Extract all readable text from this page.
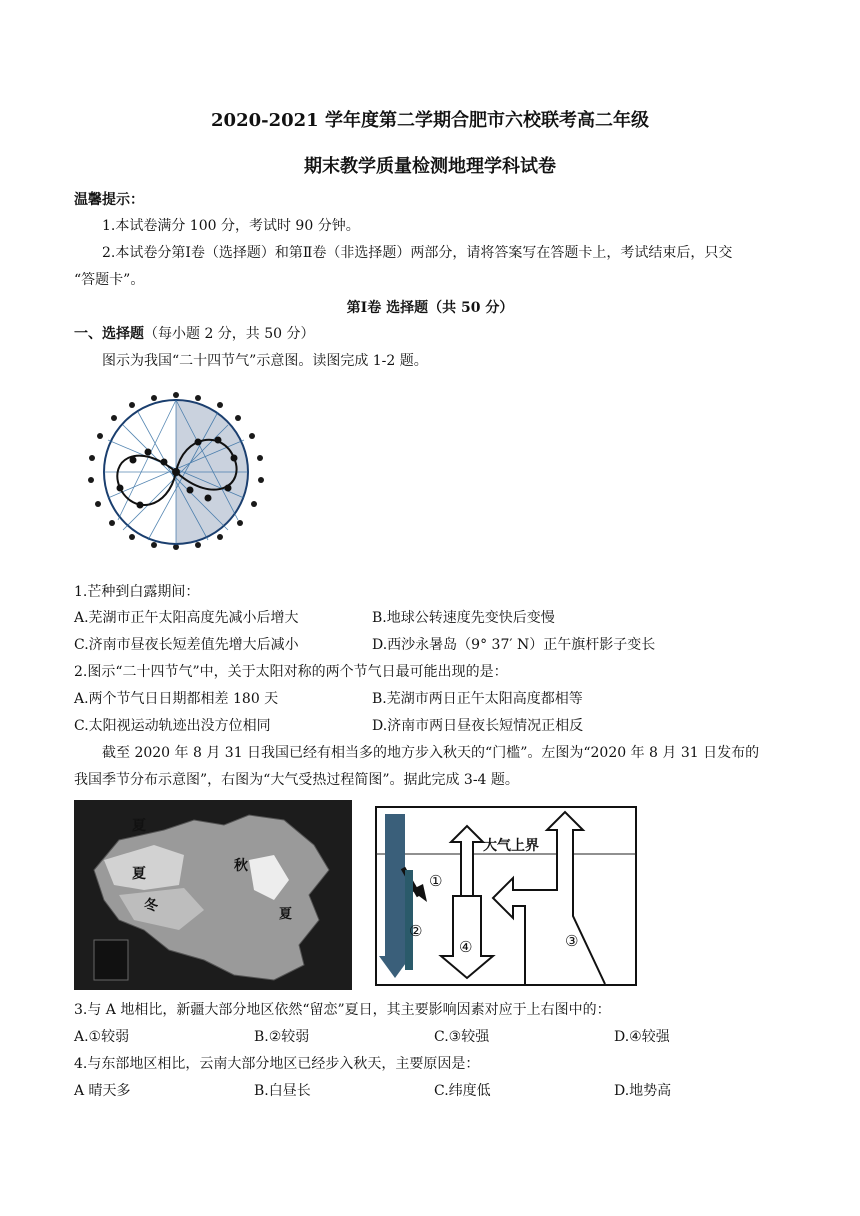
2020-2021 学年度第二学期合肥市六校联考高二年级
期末教学质量检测地理学科试卷
温馨提示：
1.本试卷满分 100 分，考试时 90 分钟。
2.本试卷分第Ⅰ卷（选择题）和第Ⅱ卷（非选择题）两部分，请将答案写在答题卡上，考试结束后，只交
“答题卡”。
第Ⅰ卷 选择题（共 50 分）
一、选择题（每小题 2 分，共 50 分）
图示为我国“二十四节气”示意图。读图完成 1-2 题。
1.芒种到白露期间：
A.芜湖市正午太阳高度先减小后增大	B.地球公转速度先变快后变慢
C.济南市昼夜长短差值先增大后减小	D.西沙永暑岛（9° 37′ N）正午旗杆影子变长
2.图示“二十四节气”中，关于太阳对称的两个节气日最可能出现的是：
A.两个节气日日期都相差 180 天	B.芜湖市两日正午太阳高度都相等
C.太阳视运动轨迹出没方位相同	D.济南市两日昼夜长短情况正相反
截至 2020 年 8 月 31 日我国已经有相当多的地方步入秋天的“门槛”。左图为“2020 年 8 月 31 日发布的
我国季节分布示意图”，右图为“大气受热过程简图”。据此完成 3-4 题。
夏
夏
冬
秋
夏
大气上界
①
②
③
④
3.与 A 地相比，新疆大部分地区依然“留恋”夏日，其主要影响因素对应于上右图中的：
A.①较弱	B.②较弱	C.③较强	D.④较强
4.与东部地区相比，云南大部分地区已经步入秋天，主要原因是：
A 晴天多	B.白昼长	C.纬度低	D.地势高
